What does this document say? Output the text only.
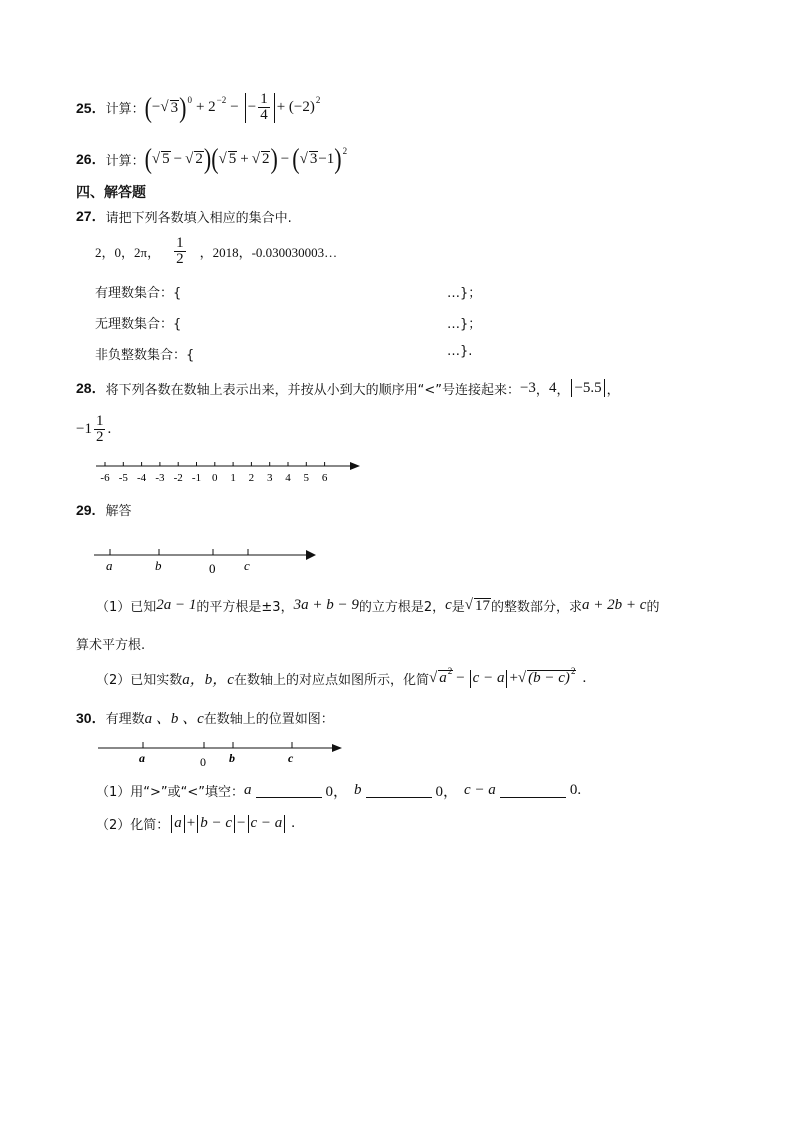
25． 计算： ( − √ 3 ) 0 + 2 −2 − − $\frac{1}{4} + (-2)$ 2
26． 计算： ( √ 5 − √ 2 ) ( √ 5 + √ 2 ) − ( √ 3 −1 ) 2
四、解答题
27． 请把下列各数填入相应的集合中.
2，0，2π， $\frac{1}{2}$ ，2018，-0.030030003…
有理数集合：{	…}；
无理数集合：{	…}；
非负整数集合：{	…}.
28． 将下列各数在数轴上表示出来，并按从小到大的顺序用“<”号连接起来： −3 ， 4 ， −5.5 ，
$-1 \frac{1}{2}$ .
-6 -5 -4 -3 -2 -1 0 1 2 3 4 5 6
29. 解答
a	b	0 c
（1）已知 2a − 1 的平方根是±3， 3a + b − 9 的立方根是2， c 是 √ 17 的整数部分，求 a + 2b + c 的
算术平方根.
（2）已知实数 a，b，c 在数轴上的对应点如图所示，化简 √ $a^2 - c - a$ + √ $(b - c)^2$ .
30． 有理数 a 、b 、c 在数轴上的位置如图：
a	0 b	c
（1）用“>”或“<”填空： a	0， b	0， c − a	0.
（2）化简： a + b − c − c − a .
